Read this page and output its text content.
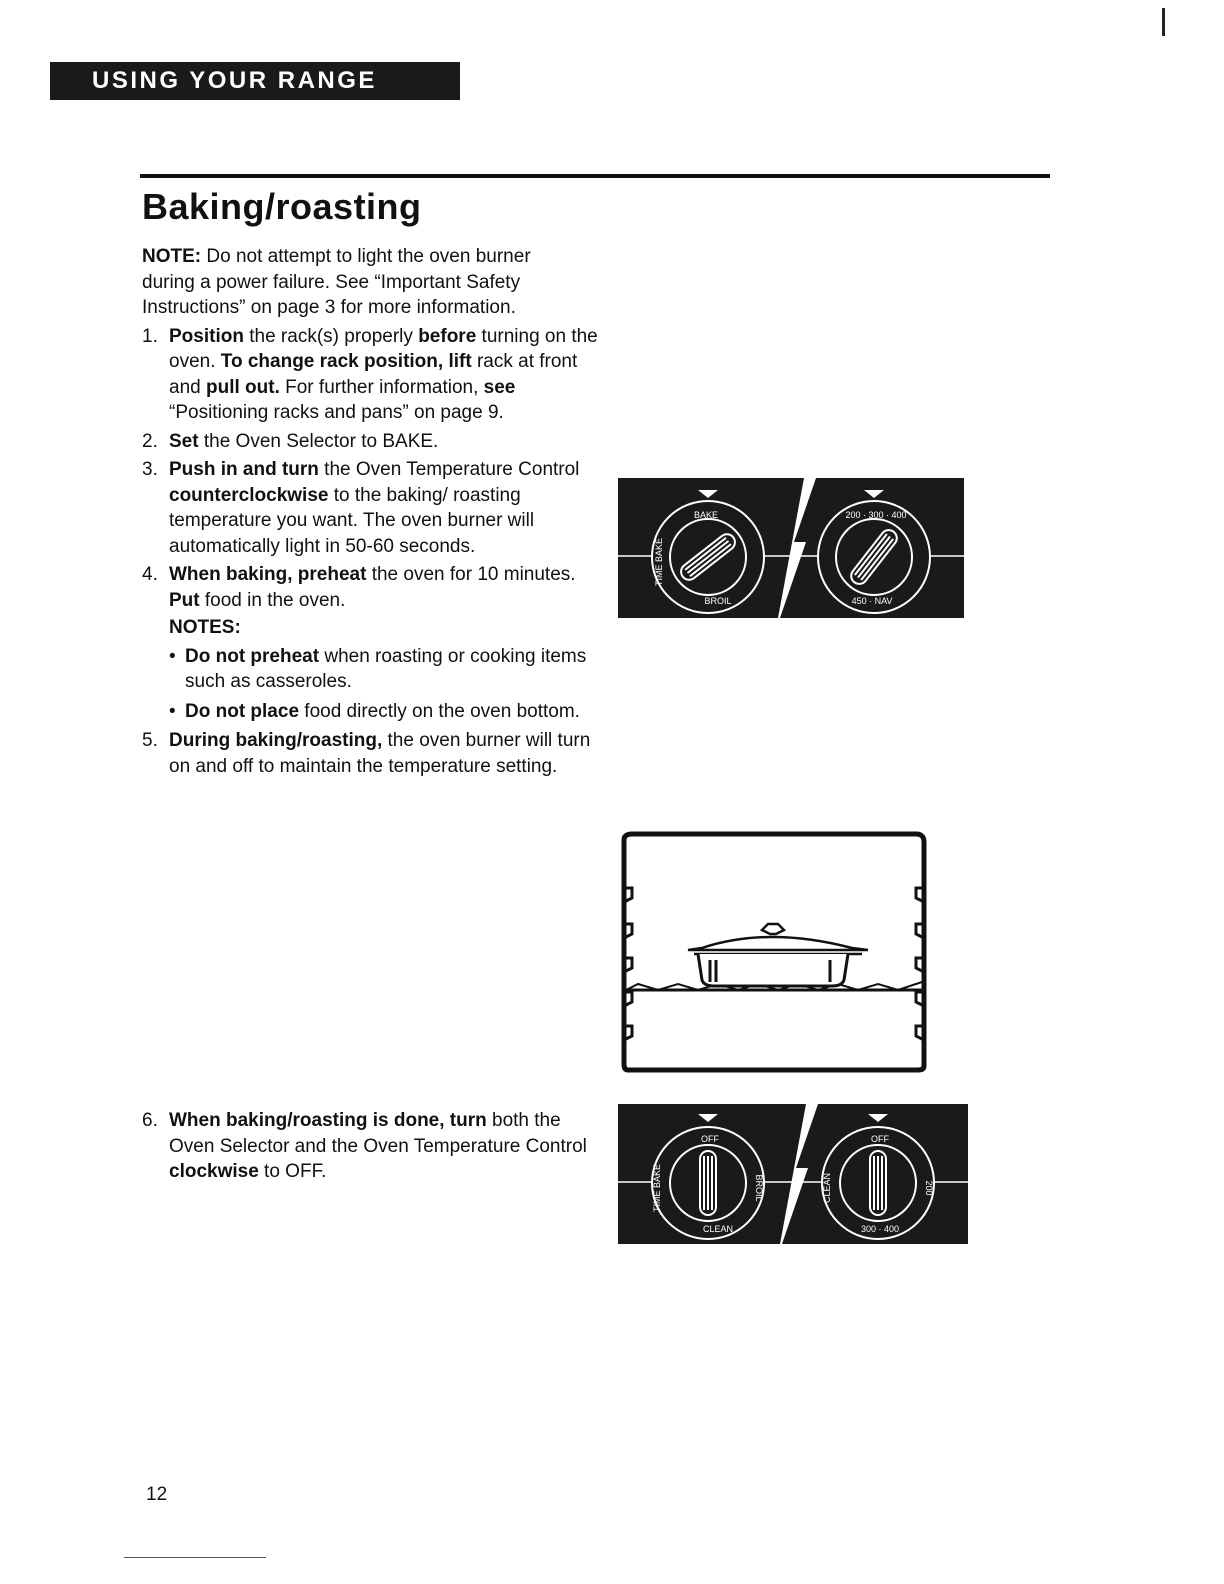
USING YOUR RANGE
Baking/roasting

NOTE: Do not attempt to light the oven burner during a power failure. See “Important Safety Instructions” on page 3 for more information.

1. Position the rack(s) properly before turning on the oven. To change rack position, lift rack at front and pull out. For further information, see “Positioning racks and pans” on page 9.
2. Set the Oven Selector to BAKE.
3. Push in and turn the Oven Temperature Control counterclockwise to the baking/ roasting temperature you want. The oven burner will automatically light in 50-60 seconds.
4. When baking, preheat the oven for 10 minutes. Put food in the oven.
NOTES:
• Do not preheat when roasting or cooking items such as casseroles.
• Do not place food directly on the oven bottom.
5. During baking/roasting, the oven burner will turn on and off to maintain the temperature setting.
6. When baking/roasting is done, turn both the Oven Selector and the Oven Temperature Control clockwise to OFF.
BAKE
TIME BAKE
BROIL
200 · 300 · 400
450 · NAV
OFF
TIME BAKE	BROIL
CLEAN
OFF
CLEAN	200
300 · 400
12
